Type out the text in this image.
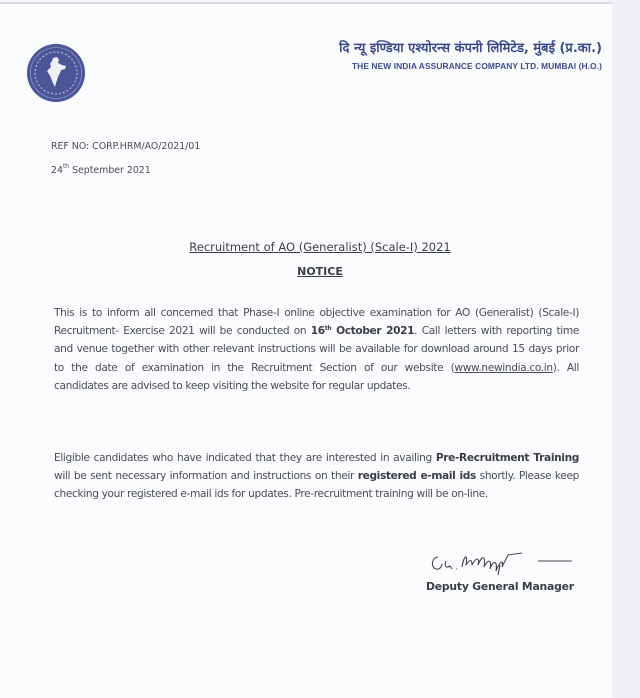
दि न्यू इण्डिया एश्योरन्स कंपनी लिमिटेड, मुंबई (प्र.का.)
THE NEW INDIA ASSURANCE COMPANY LTD. MUMBAI (H.O.)
REF NO: CORP.HRM/AO/2021/01
24th September 2021
Recruitment of AO (Generalist) (Scale-I) 2021
NOTICE
This is to inform all concerned that Phase-I online objective examination for AO (Generalist) (Scale-I) Recruitment- Exercise 2021 will be conducted on 16th October 2021. Call letters with reporting time and venue together with other relevant instructions will be available for download around 15 days prior to the date of examination in the Recruitment Section of our website (www.newindia.co.in). All candidates are advised to keep visiting the website for regular updates.
Eligible candidates who have indicated that they are interested in availing Pre-Recruitment Training will be sent necessary information and instructions on their registered e-mail ids shortly. Please keep checking your registered e-mail ids for updates. Pre-recruitment training will be on-line.
Deputy General Manager
